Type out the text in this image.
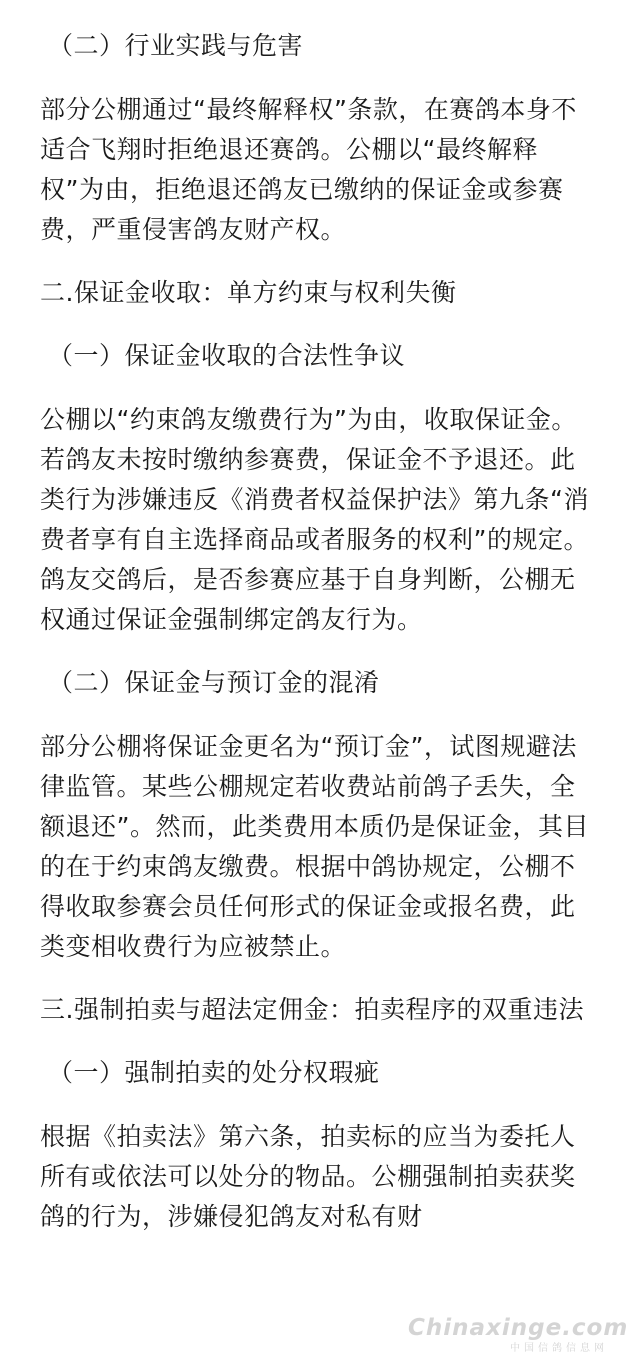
（二）行业实践与危害

部分公棚通过“最终解释权”条款，在赛鸽本身不适合飞翔时拒绝退还赛鸽。公棚以“最终解释权”为由，拒绝退还鸽友已缴纳的保证金或参赛费，严重侵害鸽友财产权。

二.保证金收取：单方约束与权利失衡

（一）保证金收取的合法性争议

公棚以“约束鸽友缴费行为”为由，收取保证金。若鸽友未按时缴纳参赛费，保证金不予退还。此类行为涉嫌违反《消费者权益保护法》第九条“消费者享有自主选择商品或者服务的权利”的规定。鸽友交鸽后，是否参赛应基于自身判断，公棚无权通过保证金强制绑定鸽友行为。

（二）保证金与预订金的混淆

部分公棚将保证金更名为“预订金”，试图规避法律监管。某些公棚规定若收费站前鸽子丢失，全额退还”。然而，此类费用本质仍是保证金，其目的在于约束鸽友缴费。根据中鸽协规定，公棚不得收取参赛会员任何形式的保证金或报名费，此类变相收费行为应被禁止。

三.强制拍卖与超法定佣金：拍卖程序的双重违法

（一）强制拍卖的处分权瑕疵

根据《拍卖法》第六条，拍卖标的应当为委托人所有或依法可以处分的物品。公棚强制拍卖获奖鸽的行为，涉嫌侵犯鸽友对私有财

Chinaxinge.com
中国信鸽信息网
